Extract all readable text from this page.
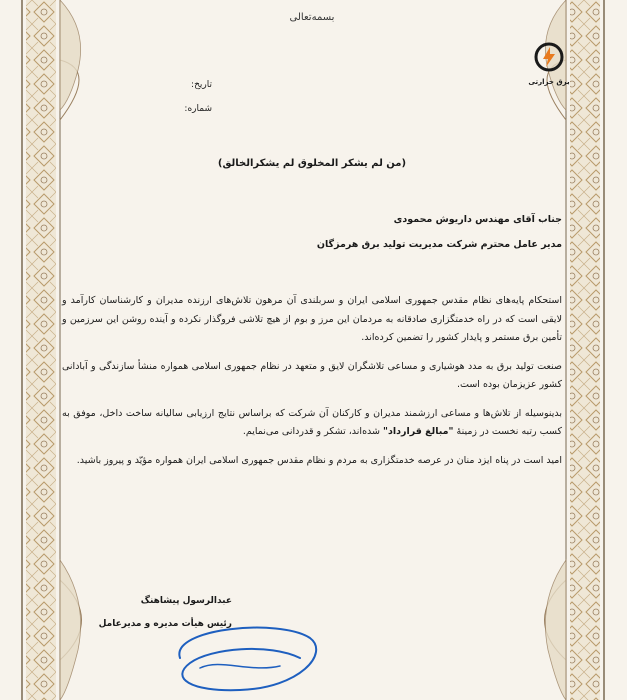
بسمه‌تعالی
برق حرارتی
تاریخ:
شماره:
(من لم یشکر المخلوق لم یشکر‌الخالق)
جناب آقای مهندس داریوش محمودی
مدیر عامل محترم شرکت مدیریت تولید برق هرمزگان

استحکام پایه‌های نظام مقدس جمهوری اسلامی ایران و سربلندی آن مرهون تلاش‌های ارزنده مدیران و کارشناسان کارآمد و لایقی است که در راه خدمتگزاری صادقانه به مردمان این مرز و بوم از هیچ تلاشی فروگذار نکرده و آینده روشن این سرزمین و تأمین برق مستمر و پایدار کشور را تضمین کرده‌اند.

صنعت تولید برق به مدد هوشیاری و مساعی تلاشگران لایق و متعهد در نظام جمهوری اسلامی همواره منشأ سازندگی و آبادانی کشور عزیزمان بوده است.

بدینوسیله از تلاش‌ها و مساعی ارزشمند مدیران و کارکنان آن شرکت که براساس نتایج ارزیابی سالیانه ساخت داخل، موفق به کسب رتبه نخست در زمینهٔ "مبالغ قرارداد" شده‌اند، تشکر و قدردانی می‌نمایم.

امید است در پناه ایزد منان در عرصه خدمتگزاری به مردم و نظام مقدس جمهوری اسلامی ایران همواره مؤیّد و پیروز باشید.

عبدالرسول پیشاهنگ
رئیس هیأت مدیره و مدیرعامل
